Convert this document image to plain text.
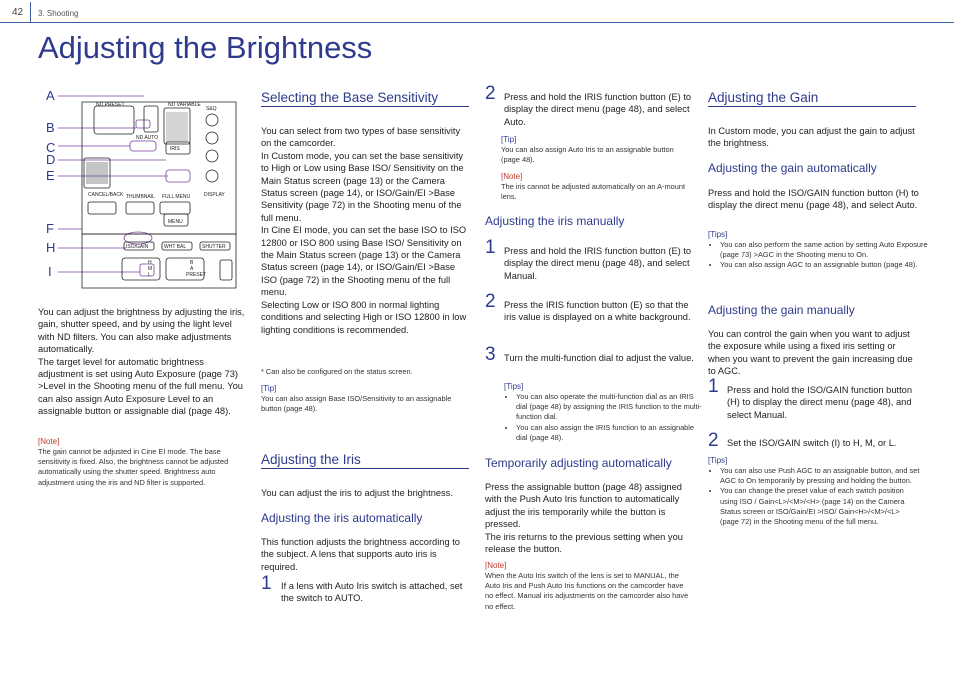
42 3. Shooting
Adjusting the Brightness
A
B
C
D
E
F
H
I
ND PRESET	ND VARIABLE
ND AUTO
IRIS
CANCEL/BACK THUMBNAIL FULL MENU
MENU
DISPLAY
S&Q
ISO/GAIN	WHT BAL	SHUTTER
H
M
L
B
A
PRESET
You can adjust the brightness by adjusting the iris, gain, shutter speed, and by using the light level with ND filters. You can also make adjustments automatically.
The target level for automatic brightness adjustment is set using Auto Exposure (page 73) >Level in the Shooting menu of the full menu. You can also assign Auto Exposure Level to an assignable button or assignable dial (page 48).
[Note]
The gain cannot be adjusted in Cine EI mode. The base sensitivity is fixed. Also, the brightness cannot be adjusted automatically using the shutter speed. Brightness auto adjustment using the iris and ND filter is supported.
Selecting the Base Sensitivity
You can select from two types of base sensitivity on the camcorder.
In Custom mode, you can set the base sensitivity to High or Low using Base ISO/ Sensitivity on the Main Status screen (page 13) or the Camera Status screen (page 14), or ISO/Gain/EI >Base Sensitivity (page 72) in the Shooting menu of the full menu.
In Cine EI mode, you can set the base ISO to ISO 12800 or ISO 800 using Base ISO/ Sensitivity on the Main Status screen (page 13) or the Camera Status screen (page 14), or ISO/Gain/EI >Base ISO (page 72) in the Shooting menu of the full menu.
Selecting Low or ISO 800 in normal lighting conditions and selecting High or ISO 12800 in low lighting conditions is recommended.
* Can also be configured on the status screen.
[Tip]
You can also assign Base ISO/Sensitivity to an assignable button (page 48).
Adjusting the Iris
You can adjust the iris to adjust the brightness.
Adjusting the iris automatically
This function adjusts the brightness according to the subject. A lens that supports auto iris is required.
1 If a lens with Auto Iris switch is attached, set the switch to AUTO.
2 Press and hold the IRIS function button (E) to display the direct menu (page 48), and select Auto.
[Tip]
You can also assign Auto Iris to an assignable button (page 48).
[Note]
The iris cannot be adjusted automatically on an A-mount lens.
Adjusting the iris manually
1 Press and hold the IRIS function button (E) to display the direct menu (page 48), and select Manual.
2 Press the IRIS function button (E) so that the iris value is displayed on a white background.
3 Turn the multi-function dial to adjust the value.
[Tips]
• You can also operate the multi-function dial as an IRIS dial (page 48) by assigning the IRIS function to the multi-function dial.
• You can also assign the IRIS function to an assignable dial (page 48).
Temporarily adjusting automatically
Press the assignable button (page 48) assigned with the Push Auto Iris function to automatically adjust the iris temporarily while the button is pressed.
The iris returns to the previous setting when you release the button.
[Note]
When the Auto Iris switch of the lens is set to MANUAL, the Auto Iris and Push Auto Iris functions on the camcorder have no effect. Manual iris adjustments on the camcorder also have no effect.
Adjusting the Gain
In Custom mode, you can adjust the gain to adjust the brightness.
Adjusting the gain automatically
Press and hold the ISO/GAIN function button (H) to display the direct menu (page 48), and select Auto.
[Tips]
• You can also perform the same action by setting Auto Exposure (page 73) >AGC in the Shooting menu to On.
• You can also assign AGC to an assignable button (page 48).
Adjusting the gain manually
You can control the gain when you want to adjust the exposure while using a fixed iris setting or when you want to prevent the gain increasing due to AGC.
1 Press and hold the ISO/GAIN function button (H) to display the direct menu (page 48), and select Manual.
2 Set the ISO/GAIN switch (I) to H, M, or L.
[Tips]
• You can also use Push AGC to an assignable button, and set AGC to On temporarily by pressing and holding the button.
• You can change the preset value of each switch position using ISO / Gain<L>/<M>/<H> (page 14) on the Camera Status screen or ISO/Gain/EI >ISO/ Gain<H>/<M>/<L> (page 72) in the Shooting menu of the full menu.
